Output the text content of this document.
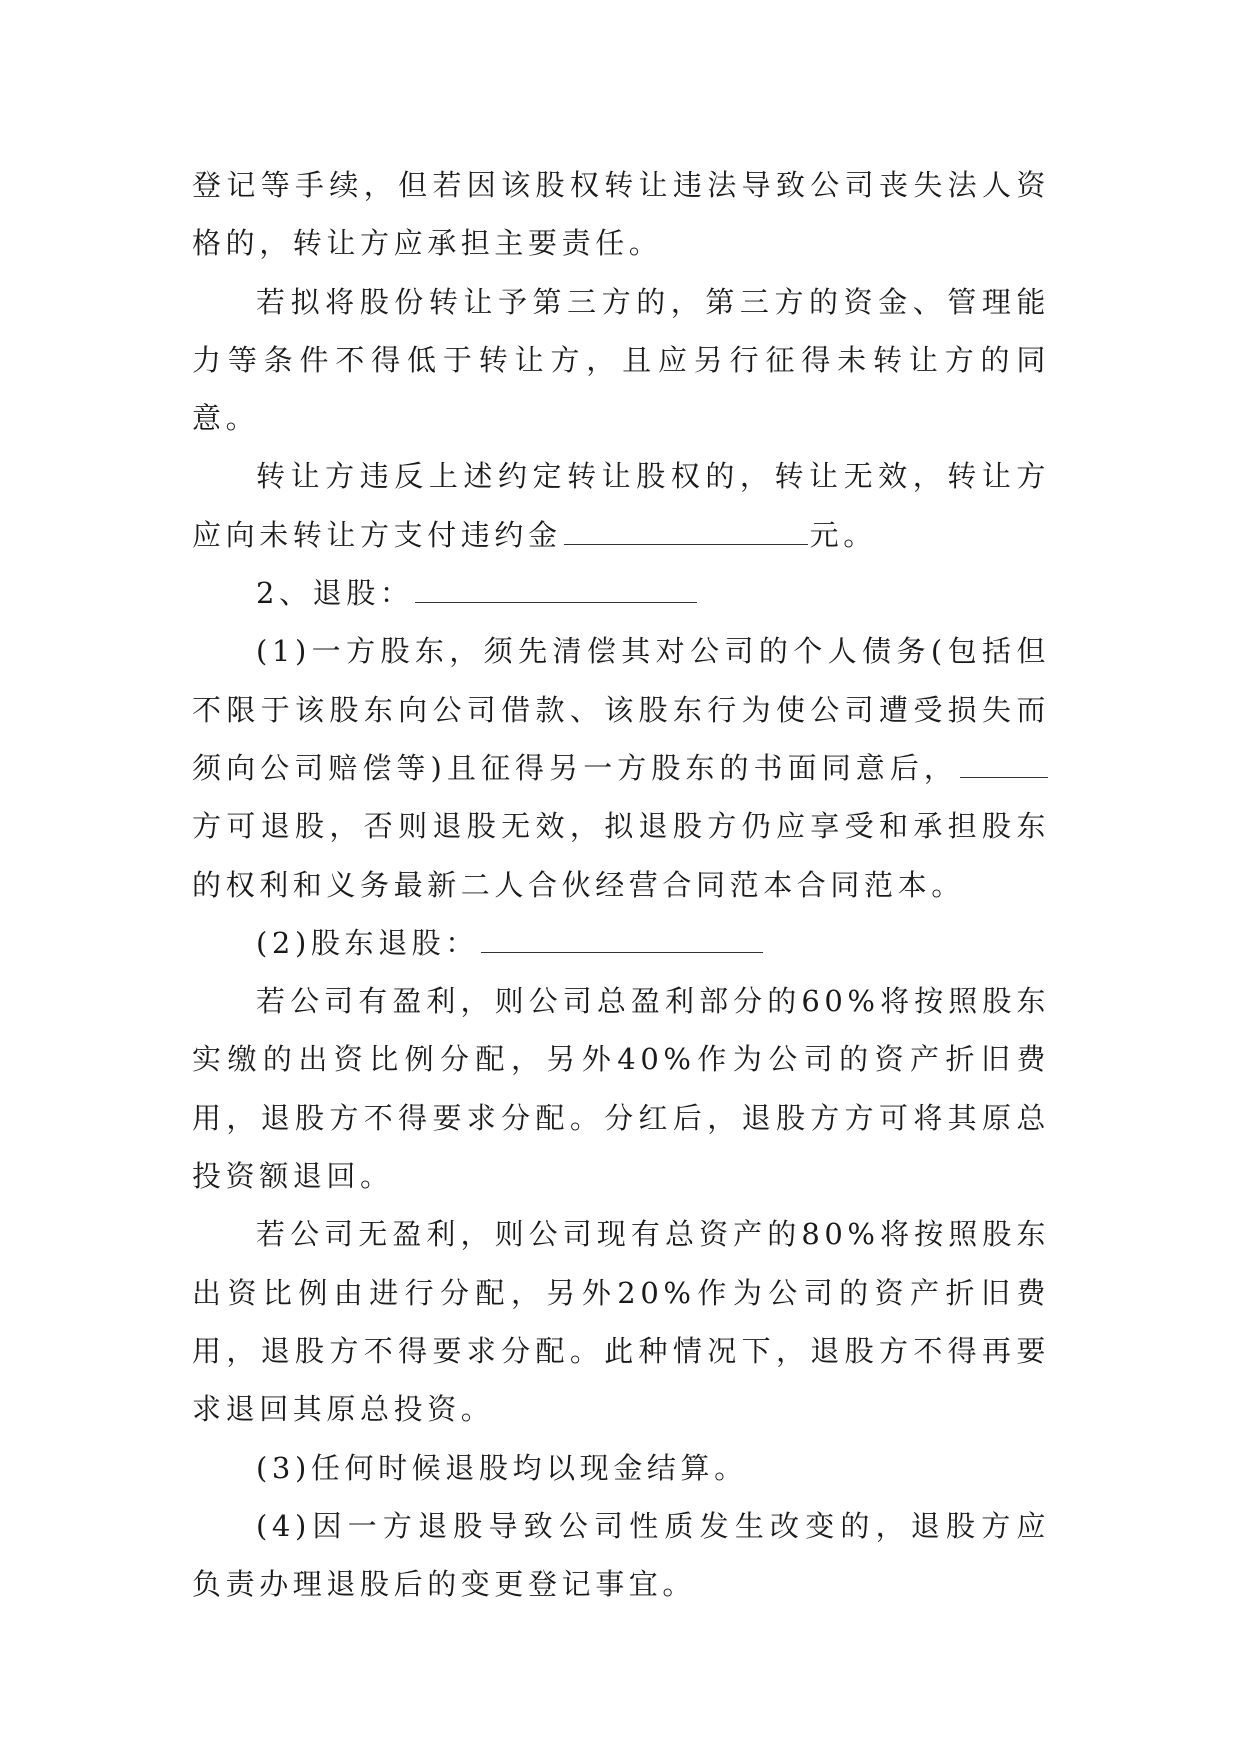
登记等手续，但若因该股权转让违法导致公司丧失法人资格的，转让方应承担主要责任。

若拟将股份转让予第三方的，第三方的资金、管理能力等条件不得低于转让方，且应另行征得未转让方的同意。

转让方违反上述约定转让股权的，转让无效，转让方应向未转让方支付违约金	元。

2、退股：

(1)一方股东，须先清偿其对公司的个人债务(包括但不限于该股东向公司借款、该股东行为使公司遭受损失而须向公司赔偿等)且征得另一方股东的书面同意后，方可退股，否则退股无效，拟退股方仍应享受和承担股东的权利和义务最新二人合伙经营合同范本合同范本。

(2)股东退股：

若公司有盈利，则公司总盈利部分的60%将按照股东实缴的出资比例分配，另外40%作为公司的资产折旧费用，退股方不得要求分配。分红后，退股方方可将其原总投资额退回。

若公司无盈利，则公司现有总资产的80%将按照股东出资比例由进行分配，另外20%作为公司的资产折旧费用，退股方不得要求分配。此种情况下，退股方不得再要求退回其原总投资。

(3)任何时候退股均以现金结算。

(4)因一方退股导致公司性质发生改变的，退股方应负责办理退股后的变更登记事宜。
